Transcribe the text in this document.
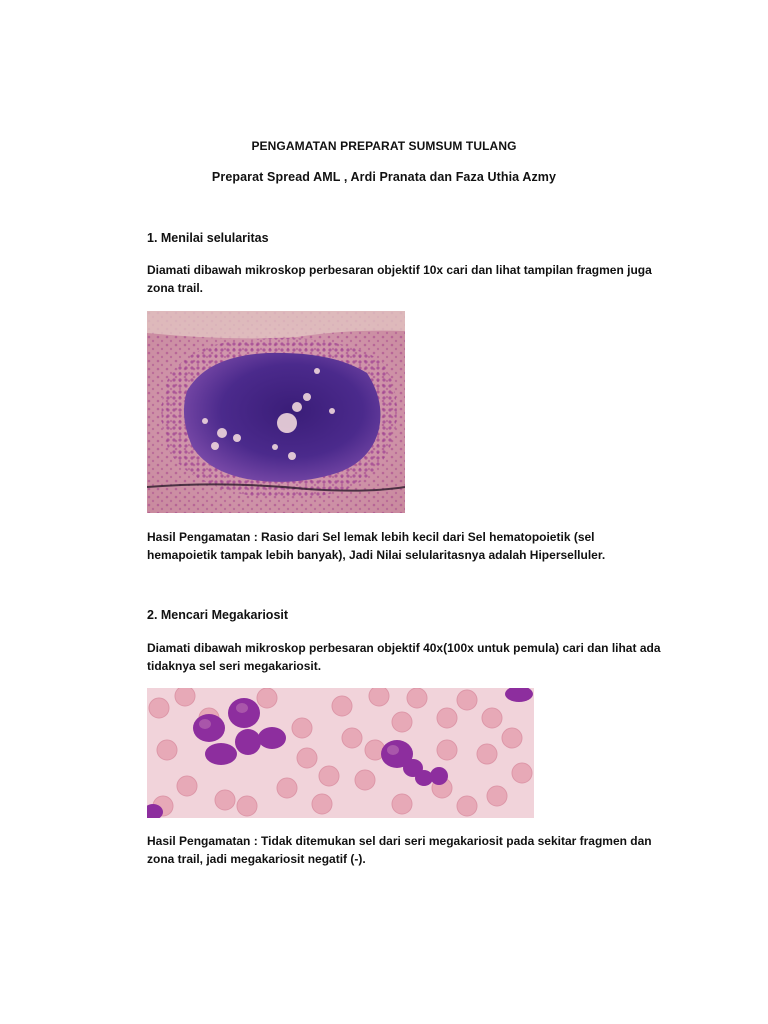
PENGAMATAN PREPARAT SUMSUM TULANG
Preparat Spread AML , Ardi Pranata dan Faza Uthia Azmy
1. Menilai selularitas
Diamati dibawah mikroskop perbesaran objektif 10x cari dan lihat tampilan fragmen juga zona trail.
Hasil Pengamatan : Rasio dari Sel lemak lebih kecil dari Sel hematopoietik (sel hemapoietik tampak lebih banyak), Jadi Nilai selularitasnya adalah Hiperselluler.
2. Mencari Megakariosit
Diamati dibawah mikroskop perbesaran objektif 40x(100x untuk pemula) cari dan lihat ada tidaknya sel seri megakariosit.
Hasil Pengamatan : Tidak ditemukan sel dari seri megakariosit pada sekitar fragmen dan zona trail, jadi megakariosit negatif (-).
